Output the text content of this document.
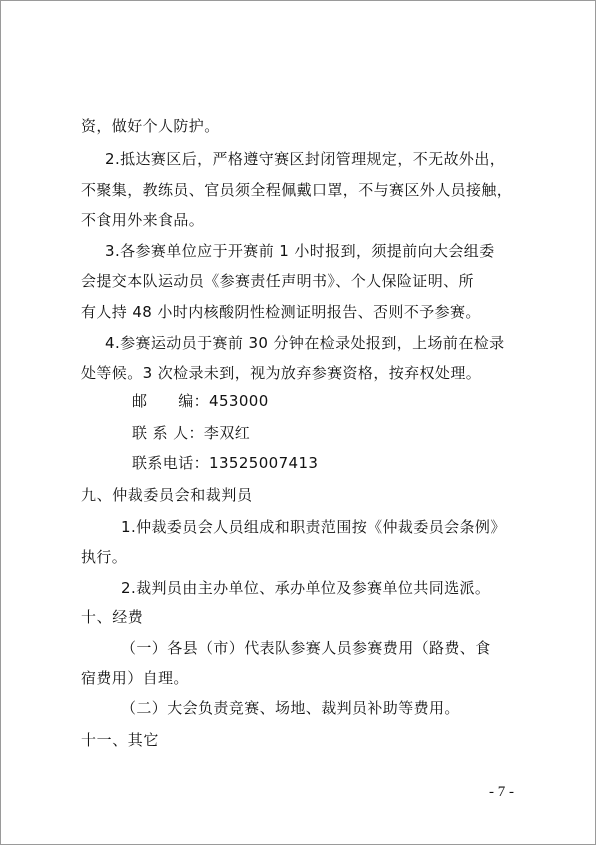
资，做好个人防护。
2.抵达赛区后，严格遵守赛区封闭管理规定，不无故外出，
不聚集，教练员、官员须全程佩戴口罩，不与赛区外人员接触，
不食用外来食品。
3.各参赛单位应于开赛前 1 小时报到，须提前向大会组委
会提交本队运动员《参赛责任声明书》、个人保险证明、所
有人持 48 小时内核酸阴性检测证明报告、否则不予参赛。
4.参赛运动员于赛前 30 分钟在检录处报到，上场前在检录
处等候。3 次检录未到，视为放弃参赛资格，按弃权处理。
邮　　编：453000
联 系 人：李双红
联系电话：13525007413
九、仲裁委员会和裁判员
1.仲裁委员会人员组成和职责范围按《仲裁委员会条例》
执行。
2.裁判员由主办单位、承办单位及参赛单位共同选派。
十、经费
（一）各县（市）代表队参赛人员参赛费用（路费、食
宿费用）自理。
（二）大会负责竞赛、场地、裁判员补助等费用。
十一、其它
- 7 -
